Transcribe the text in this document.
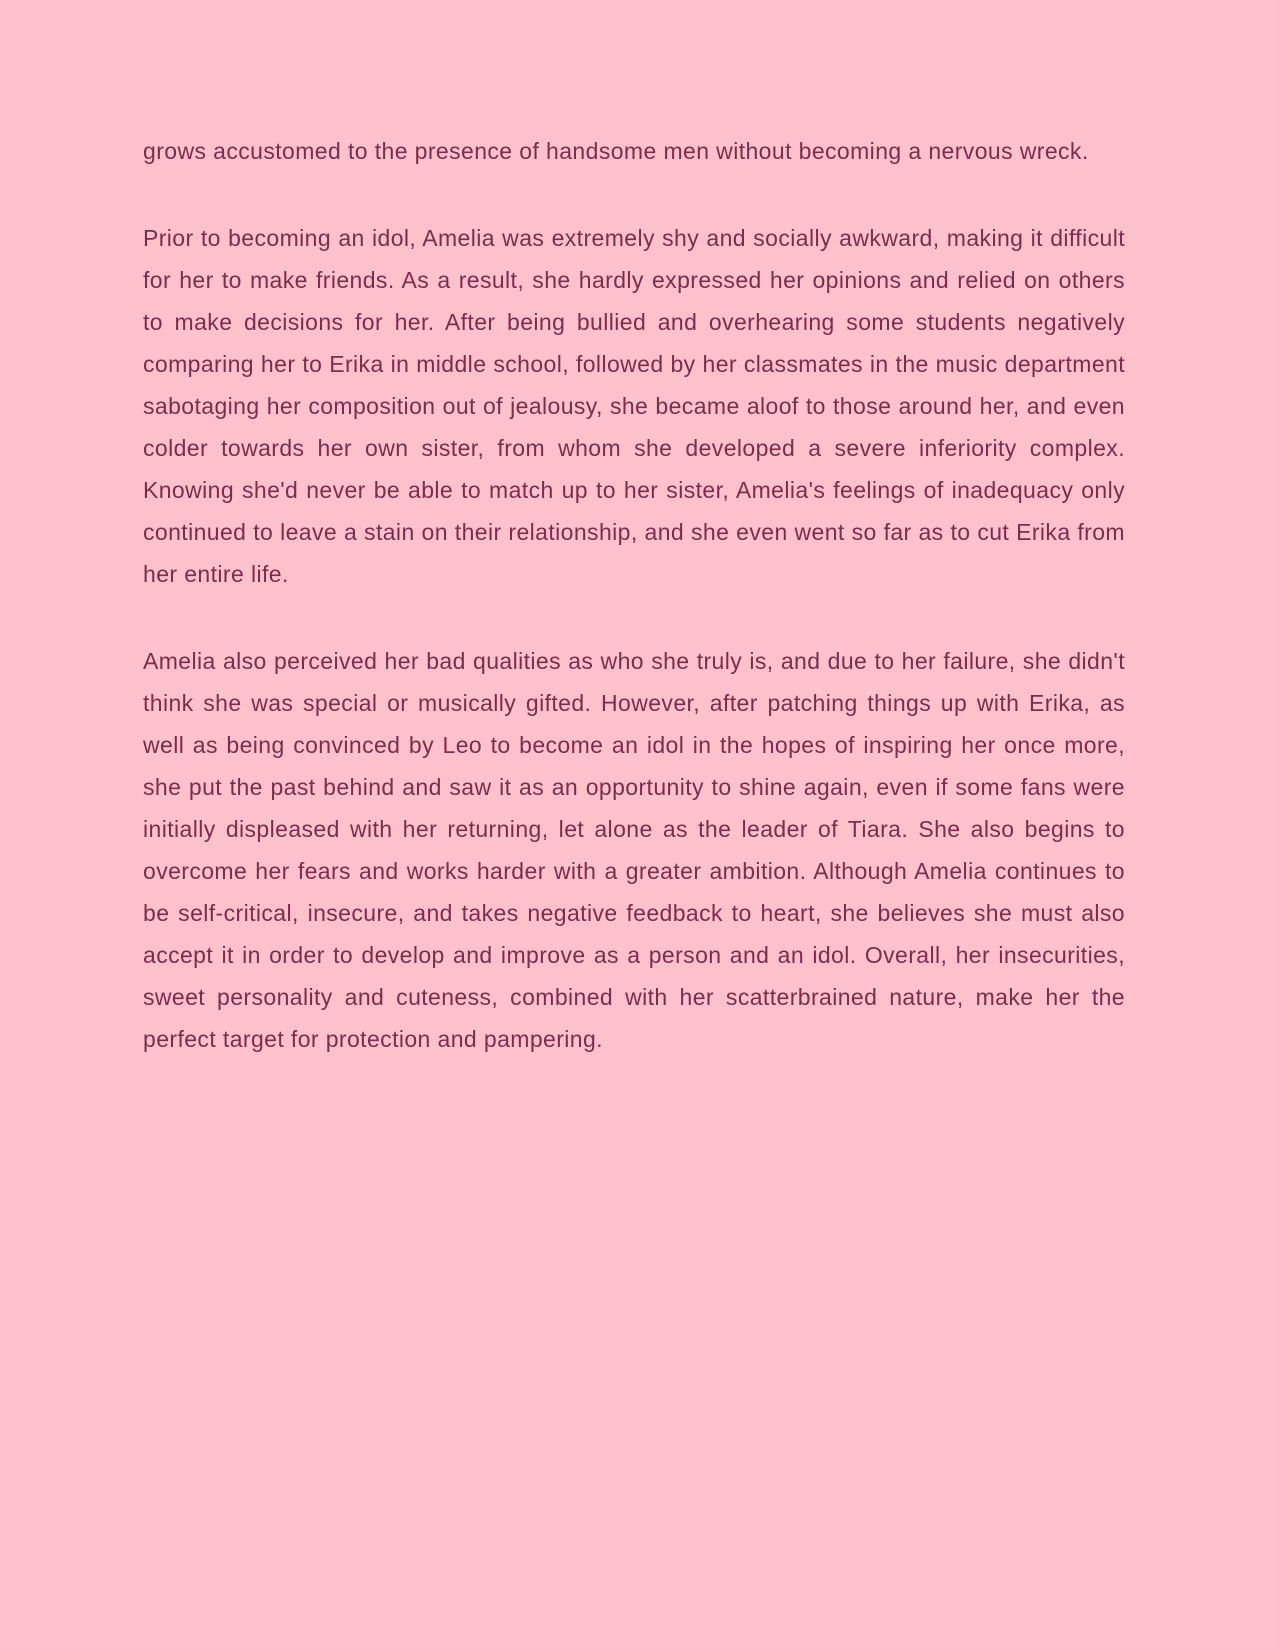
grows accustomed to the presence of handsome men without becoming a nervous wreck.

Prior to becoming an idol, Amelia was extremely shy and socially awkward, making it difficult for her to make friends. As a result, she hardly expressed her opinions and relied on others to make decisions for her. After being bullied and overhearing some students negatively comparing her to Erika in middle school, followed by her classmates in the music department sabotaging her composition out of jealousy, she became aloof to those around her, and even colder towards her own sister, from whom she developed a severe inferiority complex. Knowing she'd never be able to match up to her sister, Amelia's feelings of inadequacy only continued to leave a stain on their relationship, and she even went so far as to cut Erika from her entire life.

Amelia also perceived her bad qualities as who she truly is, and due to her failure, she didn't think she was special or musically gifted. However, after patching things up with Erika, as well as being convinced by Leo to become an idol in the hopes of inspiring her once more, she put the past behind and saw it as an opportunity to shine again, even if some fans were initially displeased with her returning, let alone as the leader of Tiara. She also begins to overcome her fears and works harder with a greater ambition. Although Amelia continues to be self-critical, insecure, and takes negative feedback to heart, she believes she must also accept it in order to develop and improve as a person and an idol. Overall, her insecurities, sweet personality and cuteness, combined with her scatterbrained nature, make her the perfect target for protection and pampering.
